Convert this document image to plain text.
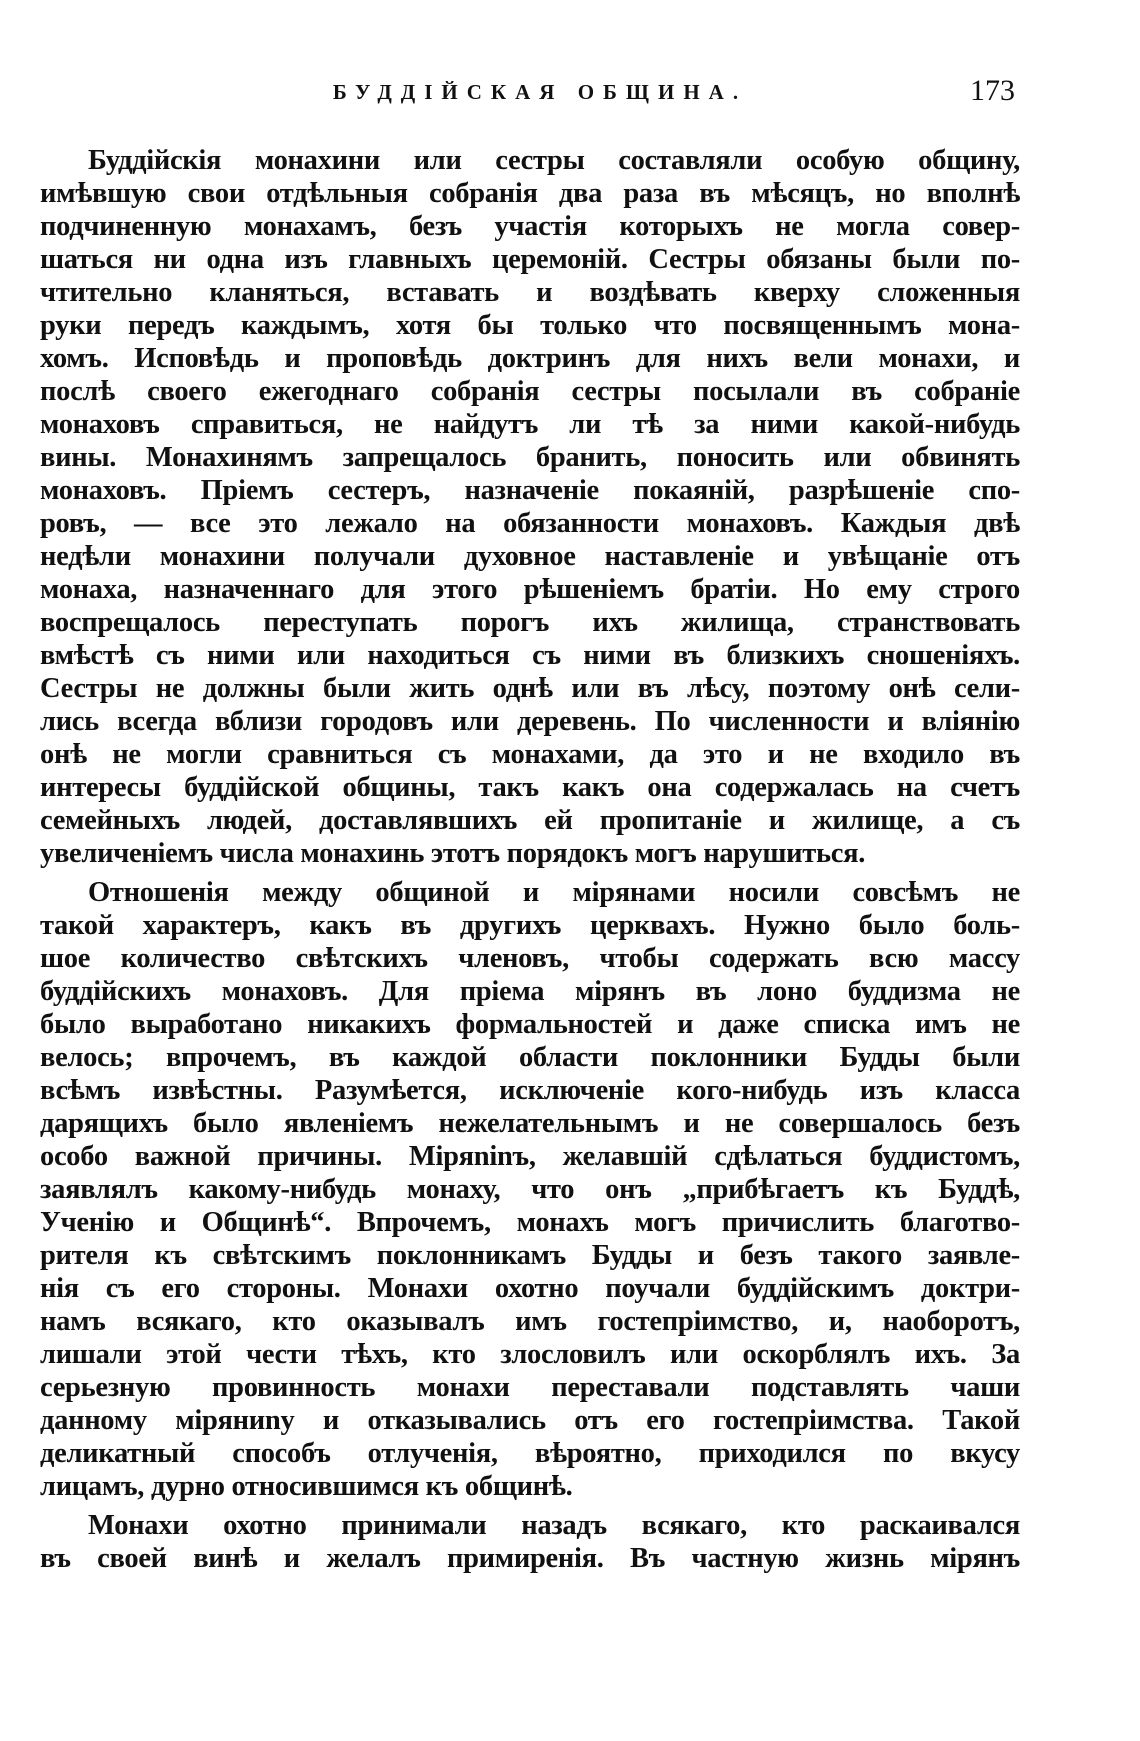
БУДДІЙСКАЯ ОБЩИНА.	173
Буддійскія монахини или сестры составляли особую общину,
имѣвшую свои отдѣльныя собранія два раза въ мѣсяцъ, но вполнѣ
подчиненную монахамъ, безъ участія которыхъ не могла совер-
шаться ни одна изъ главныхъ церемоній. Сестры обязаны были по-
чтительно кланяться, вставать и воздѣвать кверху сложенныя
руки передъ каждымъ, хотя бы только что посвященнымъ мона-
хомъ. Исповѣдь и проповѣдь доктринъ для нихъ вели монахи, и
послѣ своего ежегоднаго собранія сестры посылали въ собраніе
монаховъ справиться, не найдутъ ли тѣ за ними какой-нибудь
вины. Монахинямъ запрещалось бранить, поносить или обвинять
монаховъ. Пріемъ сестеръ, назначеніе покаяній, разрѣшеніе спо-
ровъ, — все это лежало на обязанности монаховъ. Каждыя двѣ
недѣли монахини получали духовное наставленіе и увѣщаніе отъ
монаха, назначеннаго для этого рѣшеніемъ братіи. Но ему строго
воспрещалось переступать порогъ ихъ жилища, странствовать
вмѣстѣ съ ними или находиться съ ними въ близкихъ сношеніяхъ.
Сестры не должны были жить однѣ или въ лѣсу, поэтому онѣ сели-
лись всегда вблизи городовъ или деревень. По численности и вліянію
онѣ не могли сравниться съ монахами, да это и не входило въ
интересы буддійской общины, такъ какъ она содержалась на счетъ
семейныхъ людей, доставлявшихъ ей пропитаніе и жилище, а съ
увеличеніемъ числа монахинь этотъ порядокъ могъ нарушиться.
Отношенія между общиной и мірянами носили совсѣмъ не
такой характеръ, какъ въ другихъ церквахъ. Нужно было боль-
шое количество свѣтскихъ членовъ, чтобы содержать всю массу
буддійскихъ монаховъ. Для пріема мірянъ въ лоно буддизма не
было выработано никакихъ формальностей и даже списка имъ не
велось; впрочемъ, въ каждой области поклонники Будды были
всѣмъ извѣстны. Разумѣется, исключеніе кого-нибудь изъ класса
дарящихъ было явленіемъ нежелательнымъ и не совершалось безъ
особо важной причины. Міряninъ, желавшій сдѣлаться буддистомъ,
заявлялъ какому-нибудь монаху, что онъ „прибѣгаетъ къ Буддѣ,
Ученію и Общинѣ“. Впрочемъ, монахъ могъ причислить благотво-
рителя къ свѣтскимъ поклонникамъ Будды и безъ такого заявле-
нія съ его стороны. Монахи охотно поучали буддійскимъ доктри-
намъ всякаго, кто оказывалъ имъ гостепріимство, и, наоборотъ,
лишали этой чести тѣхъ, кто злословилъ или оскорблялъ ихъ. За
серьезную провинность монахи переставали подставлять чаши
данному міряниnу и отказывались отъ его гостепріимства. Такой
деликатный способъ отлученія, вѣроятно, приходился по вкусу
лицамъ, дурно относившимся къ общинѣ.
Монахи охотно принимали назадъ всякаго, кто раскаивался
въ своей винѣ и желалъ примиренія. Въ частную жизнь мірянъ
